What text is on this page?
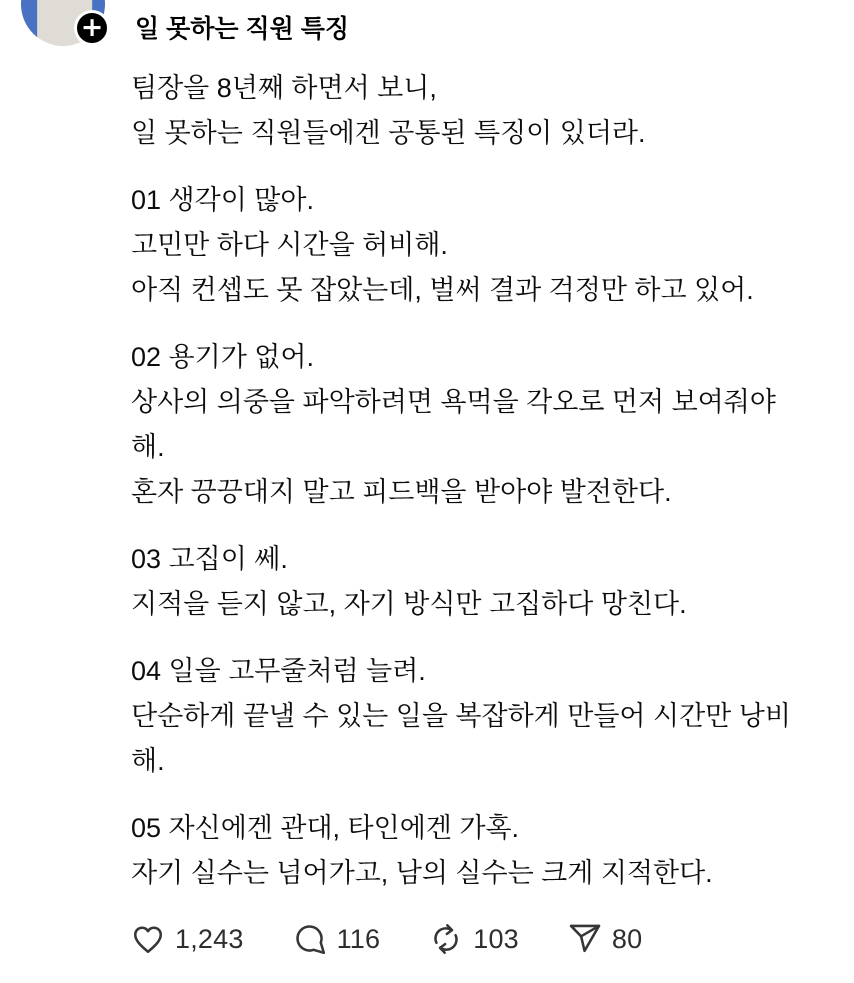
+ 일 못하는 직원 특징
팀장을 8년째 하면서 보니,
일 못하는 직원들에겐 공통된 특징이 있더라.
01 생각이 많아.
고민만 하다 시간을 허비해.
아직 컨셉도 못 잡았는데, 벌써 결과 걱정만 하고 있어.
02 용기가 없어.
상사의 의중을 파악하려면 욕먹을 각오로 먼저 보여줘야
해.
혼자 끙끙대지 말고 피드백을 받아야 발전한다.
03 고집이 쎄.
지적을 듣지 않고, 자기 방식만 고집하다 망친다.
04 일을 고무줄처럼 늘려.
단순하게 끝낼 수 있는 일을 복잡하게 만들어 시간만 낭비
해.
05 자신에겐 관대, 타인에겐 가혹.
자기 실수는 넘어가고, 남의 실수는 크게 지적한다.
1,243	116	103	80
